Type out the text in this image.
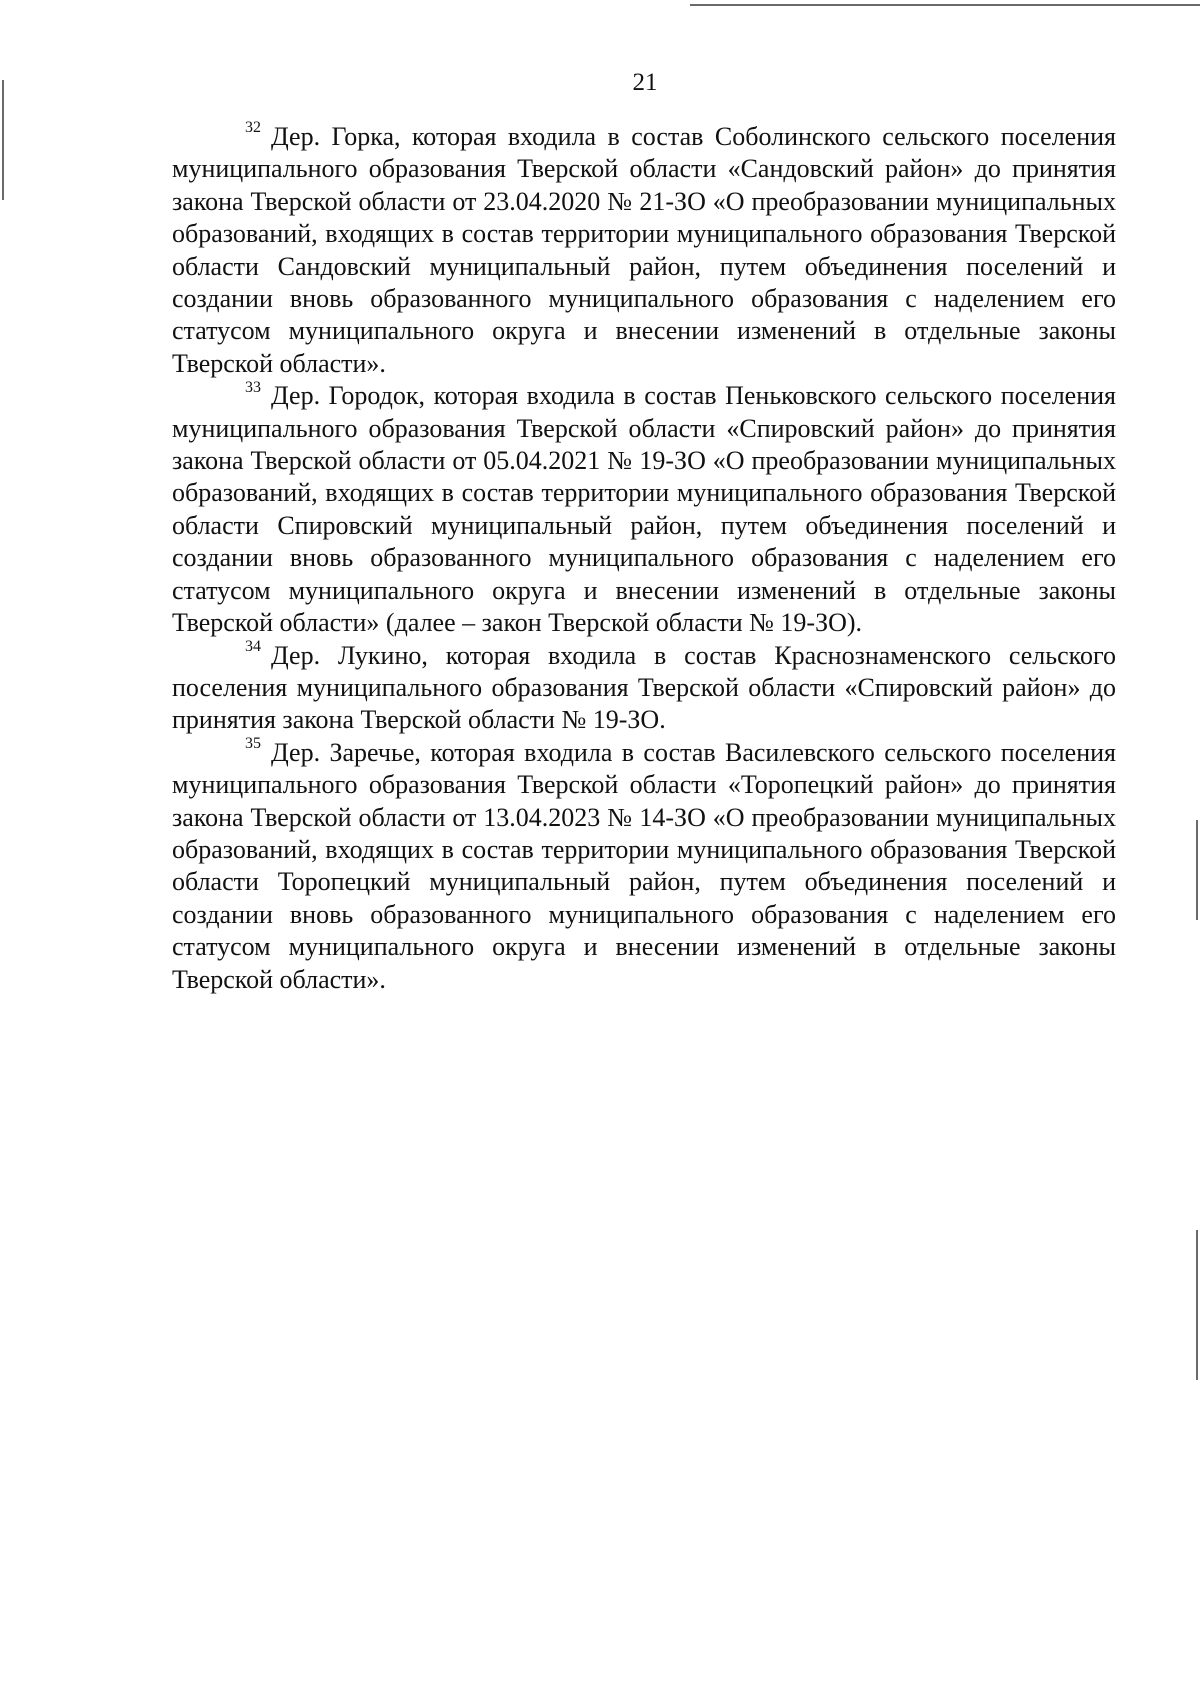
21

$^{32}$ Дер. Горка, которая входила в состав Соболинского сельского поселения муниципального образования Тверской области «Сандовский район» до принятия закона Тверской области от 23.04.2020 № 21-ЗО «О преобразовании муниципальных образований, входящих в состав территории муниципального образования Тверской области Сандовский муниципальный район, путем объединения поселений и создании вновь образованного муниципального образования с наделением его статусом муниципального округа и внесении изменений в отдельные законы Тверской области».

$^{33}$ Дер. Городок, которая входила в состав Пеньковского сельского поселения муниципального образования Тверской области «Спировский район» до принятия закона Тверской области от 05.04.2021 № 19-ЗО «О преобразовании муниципальных образований, входящих в состав территории муниципального образования Тверской области Спировский муниципальный район, путем объединения поселений и создании вновь образованного муниципального образования с наделением его статусом муниципального округа и внесении изменений в отдельные законы Тверской области» (далее – закон Тверской области № 19-ЗО).

$^{34}$ Дер. Лукино, которая входила в состав Краснознаменского сельского поселения муниципального образования Тверской области «Спировский район» до принятия закона Тверской области № 19-ЗО.

$^{35}$ Дер. Заречье, которая входила в состав Василевского сельского поселения муниципального образования Тверской области «Торопецкий район» до принятия закона Тверской области от 13.04.2023 № 14-ЗО «О преобразовании муниципальных образований, входящих в состав территории муниципального образования Тверской области Торопецкий муниципальный район, путем объединения поселений и создании вновь образованного муниципального образования с наделением его статусом муниципального округа и внесении изменений в отдельные законы Тверской области».
